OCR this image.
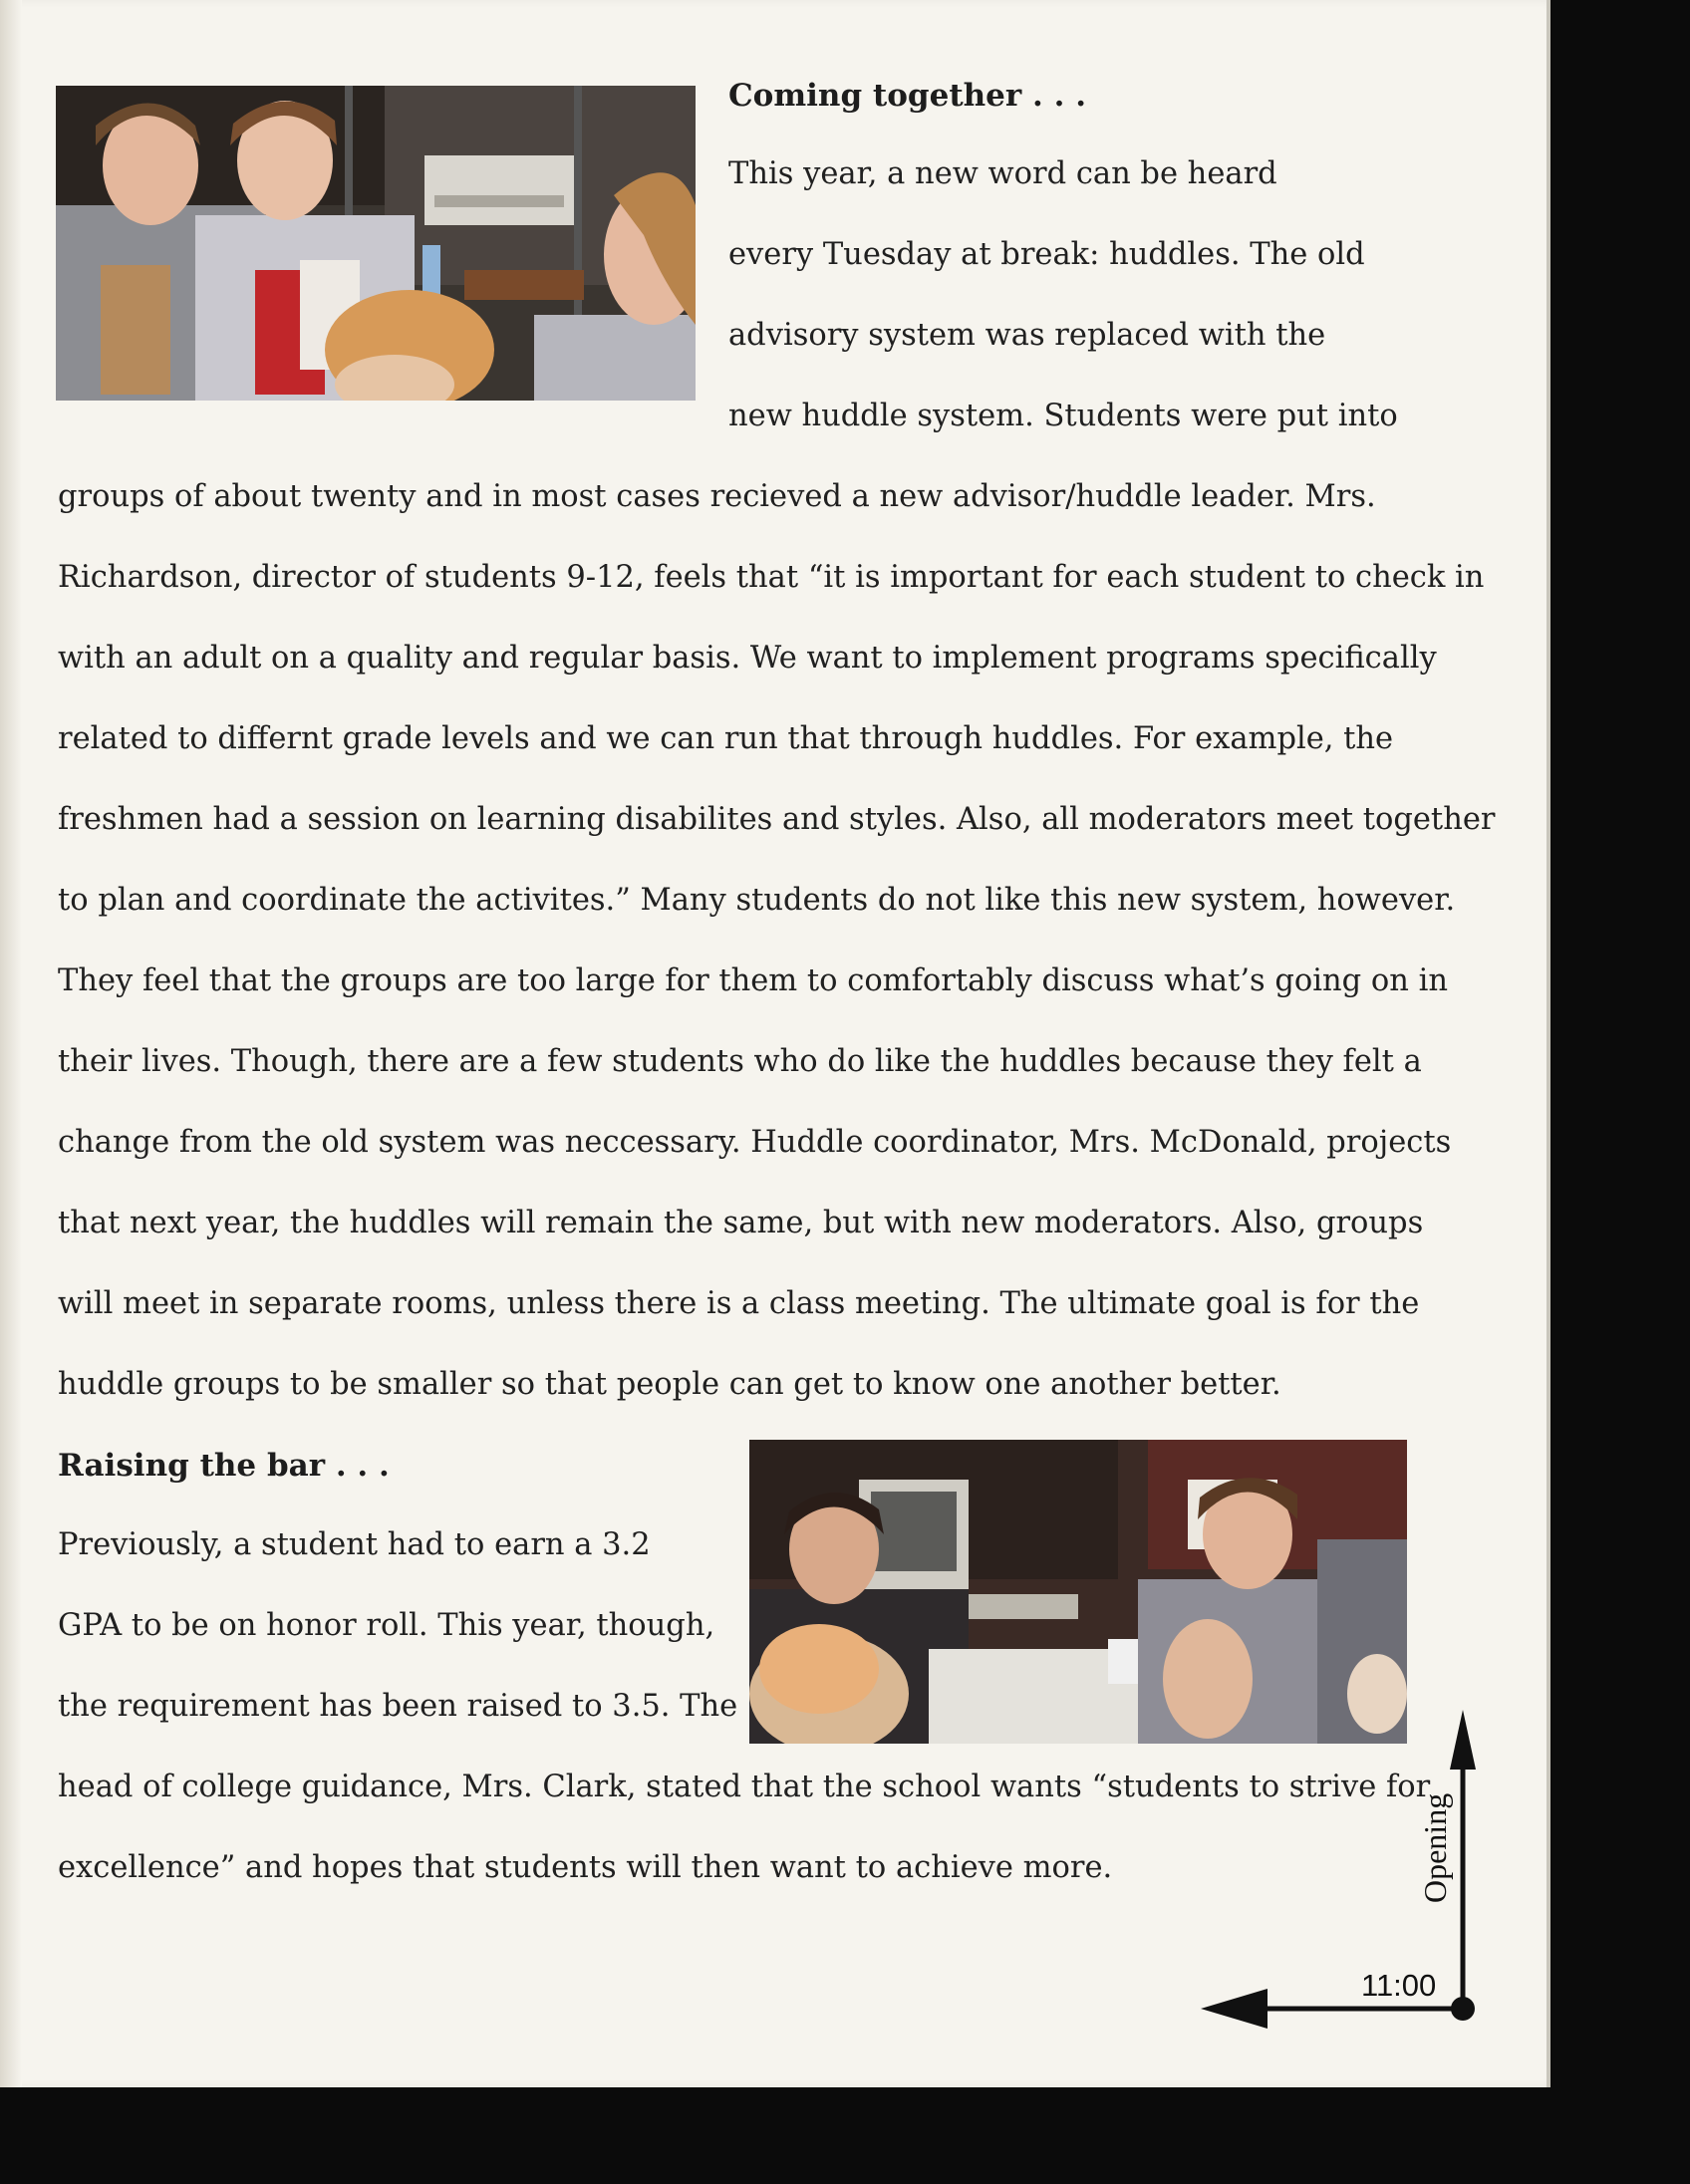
Coming together . . .
This year, a new word can be heard
every Tuesday at break: huddles. The old
advisory system was replaced with the
new huddle system. Students were put into
groups of about twenty and in most cases recieved a new advisor/huddle leader. Mrs.
Richardson, director of students 9-12, feels that “it is important for each student to check in
with an adult on a quality and regular basis. We want to implement programs specifically
related to differnt grade levels and we can run that through huddles. For example, the
freshmen had a session on learning disabilites and styles. Also, all moderators meet together
to plan and coordinate the activites.” Many students do not like this new system, however.
They feel that the groups are too large for them to comfortably discuss what’s going on in
their lives. Though, there are a few students who do like the huddles because they felt a
change from the old system was neccessary. Huddle coordinator, Mrs. McDonald, projects
that next year, the huddles will remain the same, but with new moderators. Also, groups
will meet in separate rooms, unless there is a class meeting. The ultimate goal is for the
huddle groups to be smaller so that people can get to know one another better.
Raising the bar . . .
Previously, a student had to earn a 3.2
GPA to be on honor roll. This year, though,
the requirement has been raised to 3.5. The
head of college guidance, Mrs. Clark, stated that the school wants “students to strive for
excellence” and hopes that students will then want to achieve more.
11:00
Opening
